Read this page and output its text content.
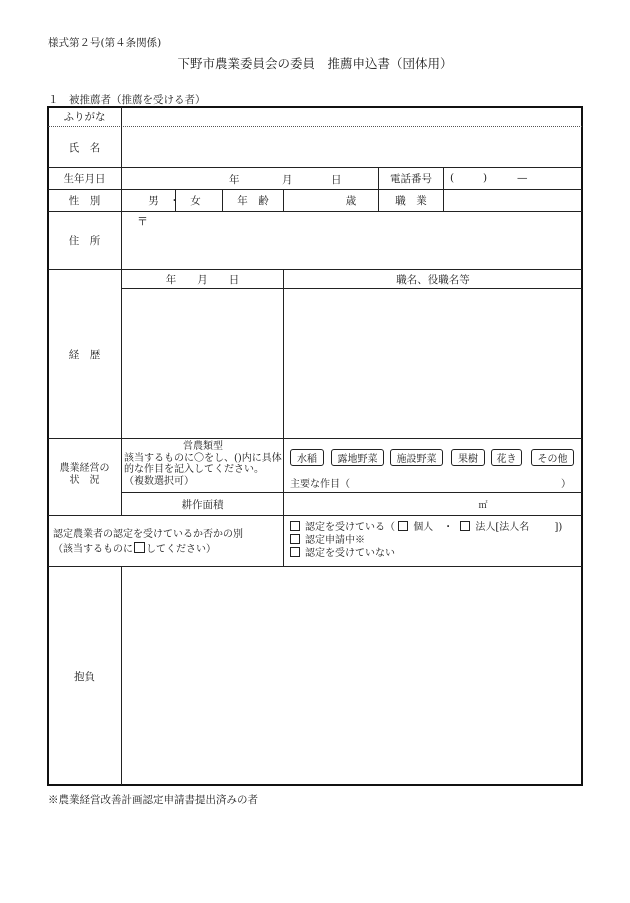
様式第２号(第４条関係)
下野市農業委員会の委員　推薦申込書（団体用）
１　被推薦者（推薦を受ける者）
ふりがな
氏　名
生年月日	年	月	日	電話番号	(	)	—
性　別	男　・　女	年　齢	歳	職　業
住　所
〒
経　歴
年　　月　　日	職名、役職名等
農業経営の
状　況
営農類型
該当するものに〇をし、()内に具体
的な作目を記入してください。
（複数選択可）
水稲	露地野菜	施設野菜	果樹	花き	その他
主要な作目（	）
耕作面積	㎡
認定農業者の認定を受けているか否かの別
（該当するものに してください）
認定を受けている（ 個人　・ 法人[法人名	])
認定申請中※
認定を受けていない
抱負
※農業経営改善計画認定申請書提出済みの者
